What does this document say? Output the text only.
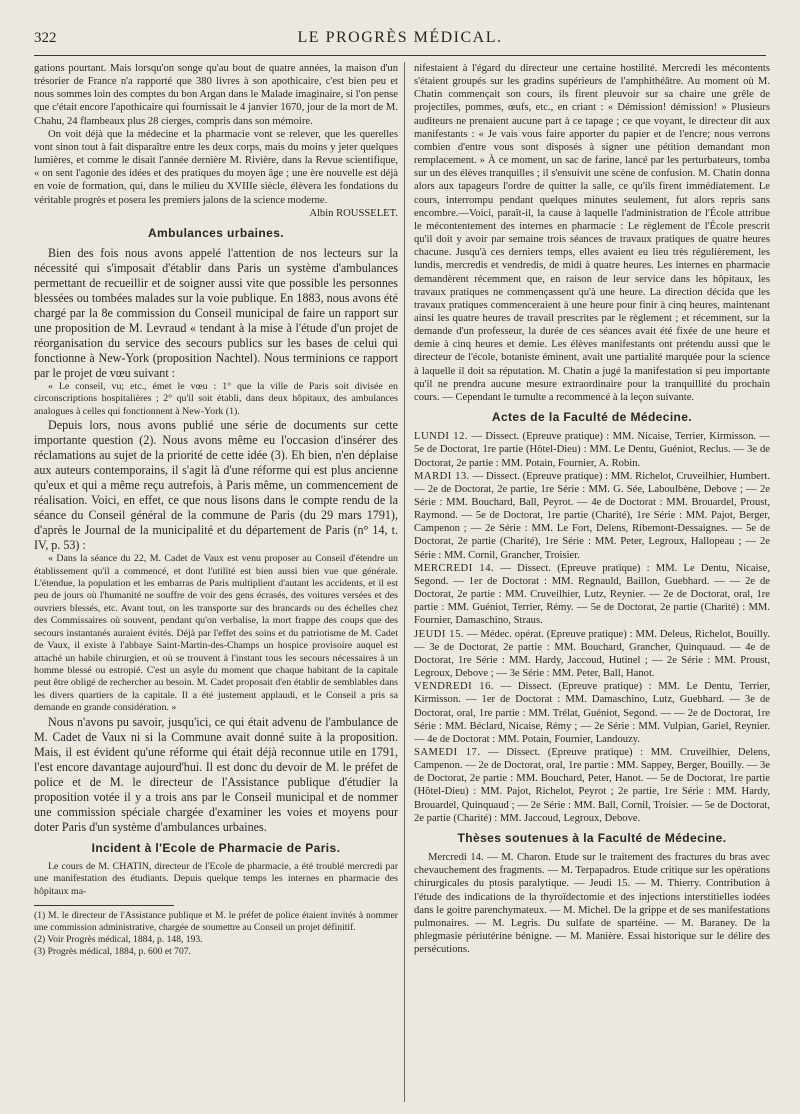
322	LE PROGRÈS MÉDICAL.

gations pourtant. Mais lorsqu'on songe qu'au bout de quatre années, la maison d'un trésorier de France n'a rapporté que 380 livres à son apothicaire, c'est bien peu et nous sommes loin des comptes du bon Argan dans le Malade imaginaire, si l'on pense que c'était encore l'apothicaire qui fournissait le 4 janvier 1670, jour de la mort de M. Chahu, 24 flambeaux plus 28 cierges, compris dans son mémoire.

On voit déjà que la médecine et la pharmacie vont se relever, que les querelles vont sinon tout à fait disparaître entre les deux corps, mais du moins y jeter quelques lumières, et comme le disait l'année dernière M. Rivière, dans la Revue scientifique, « on sent l'agonie des idées et des pratiques du moyen âge ; une ère nouvelle est déjà en voie de formation, qui, dans le milieu du XVIIIe siècle, élèvera les fondations du véritable progrès et posera les premiers jalons de la science moderne.

Albin ROUSSELET.
Ambulances urbaines.

Bien des fois nous avons appelé l'attention de nos lecteurs sur la nécessité qui s'imposait d'établir dans Paris un système d'ambulances permettant de recueillir et de soigner aussi vite que possible les personnes blessées ou tombées malades sur la voie publique. En 1883, nous avons été chargé par la 8e commission du Conseil municipal de faire un rapport sur une proposition de M. Levraud « tendant à la mise à l'étude d'un projet de réorganisation du service des secours publics sur les bases de celui qui fonctionne à New-York (proposition Nachtel). Nous terminions ce rapport par le projet de vœu suivant :

« Le conseil, vu; etc., émet le vœu : 1° que la ville de Paris soit divisée en circonscriptions hospitalières ; 2° qu'il soit établi, dans deux hôpitaux, des ambulances analogues à celles qui fonctionnent à New-York (1).

Depuis lors, nous avons publié une série de documents sur cette importante question (2). Nous avons même eu l'occasion d'insérer des réclamations au sujet de la priorité de cette idée (3). Eh bien, n'en déplaise aux auteurs contemporains, il s'agit là d'une réforme qui est plus ancienne qu'eux et qui a même reçu autrefois, à Paris même, un commencement de réalisation. Voici, en effet, ce que nous lisons dans le compte rendu de la séance du Conseil général de la commune de Paris (du 29 mars 1791), d'après le Journal de la municipalité et du département de Paris (n° 14, t. IV, p. 53) :

« Dans la séance du 22, M. Cadet de Vaux est venu proposer au Conseil d'étendre un établissement qu'il a commencé, et dont l'utilité est bien aussi bien vue que générale. L'étendue, la population et les embarras de Paris multiplient d'autant les accidents, et il est peu de jours où l'humanité ne souffre de voir des gens écrasés, des voitures versées et des ouvriers blessés, etc. Avant tout, on les transporte sur des brancards ou des échelles chez des Commissaires où souvent, pendant qu'on verbalise, la mort frappe des coups que des secours instantanés auraient évités. Déjà par l'effet des soins et du patriotisme de M. Cadet de Vaux, il existe à l'abbaye Saint-Martin-des-Champs un hospice provisoire auquel est attaché un habile chirurgien, et où se trouvent à l'instant tous les secours nécessaires à un homme blessé ou estropié. C'est un asyle du moment que chaque habitant de la capitale peut être obligé de rechercher au besoin. M. Cadet proposait d'en établir de semblables dans les divers quartiers de la capitale. Il a été justement applaudi, et le Conseil a pris sa demande en grande considération. »

Nous n'avons pu savoir, jusqu'ici, ce qui était advenu de l'ambulance de M. Cadet de Vaux ni si la Commune avait donné suite à la proposition. Mais, il est évident qu'une réforme qui était déjà reconnue utile en 1791, l'est encore davantage aujourd'hui. Il est donc du devoir de M. le préfet de police et de M. le directeur de l'Assistance publique d'étudier la proposition votée il y a trois ans par le Conseil municipal et de nommer une commission spéciale chargée d'examiner les voies et moyens pour doter Paris d'un système d'ambulances urbaines.

Incident à l'Ecole de Pharmacie de Paris.

Le cours de M. CHATIN, directeur de l'Ecole de pharmacie, a été troublé mercredi par une manifestation des étudiants. Depuis quelque temps les internes en pharmacie des hôpitaux ma-

(1) M. le directeur de l'Assistance publique et M. le préfet de police étaient invités à nommer une commission administrative, chargée de soumettre au Conseil un projet définitif.

(2) Voir Progrès médical, 1884, p. 148, 193.

(3) Progrès médical, 1884, p. 600 et 707.

nifestaient à l'égard du directeur une certaine hostilité. Mercredi les mécontents s'étaient groupés sur les gradins supérieurs de l'amphithéâtre. Au moment où M. Chatin commençait son cours, ils firent pleuvoir sur sa chaire une grêle de projectiles, pommes, œufs, etc., en criant : « Démission! démission! » Plusieurs auditeurs ne prenaient aucune part à ce tapage ; ce que voyant, le directeur dit aux manifestants : « Je vais vous faire apporter du papier et de l'encre; nous verrons combien d'entre vous sont disposés à signer une pétition demandant mon remplacement. » À ce moment, un sac de farine, lancé par les perturbateurs, tomba sur un des élèves tranquilles ; il s'ensuivit une scène de confusion. M. Chatin donna alors aux tapageurs l'ordre de quitter la salle, ce qu'ils firent immédiatement. Le cours, interrompu pendant quelques minutes seulement, fut alors repris sans encombre.—Voici, paraît-il, la cause à laquelle l'administration de l'École attribue le mécontentement des internes en pharmacie : Le règlement de l'École prescrit qu'il doit y avoir par semaine trois séances de travaux pratiques de quatre heures chacune. Jusqu'à ces derniers temps, elles avaient eu lieu très régulièrement, les lundis, mercredis et vendredis, de midi à quatre heures. Les internes en pharmacie demandèrent récemment que, en raison de leur service dans les hôpitaux, les travaux pratiques ne commençassent qu'à une heure. La direction décida que les travaux pratiques commenceraient à une heure pour finir à cinq heures, maintenant ainsi les quatre heures de travail prescrites par le règlement ; et récemment, sur la demande d'un professeur, la durée de ces séances avait été fixée de une heure et demie à cinq heures et demie. Les élèves manifestants ont prétendu aussi que le directeur de l'école, botaniste éminent, avait une partialité marquée pour la science à laquelle il doit sa réputation. M. Chatin a jugé la manifestation si peu importante qu'il ne prendra aucune mesure extraordinaire pour la tranquillité du prochain cours. — Cependant le tumulte a recommencé à la leçon suivante.

Actes de la Faculté de Médecine.

LUNDI 12. — Dissect. (Epreuve pratique) : MM. Nicaise, Terrier, Kirmisson. — 5e de Doctorat, 1re partie (Hôtel-Dieu) : MM. Le Dentu, Guéniot, Reclus. — 3e de Doctorat, 2e partie : MM. Potain, Fournier, A. Robin.

MARDI 13. — Dissect. (Epreuve pratique) : MM. Richelot, Cruveilhier, Humbert. — 2e de Doctorat, 2e partie, 1re Série : MM. G. Sée, Laboulbène, Debove ; — 2e Série : MM. Bouchard, Ball, Peyrot. — 4e de Doctorat : MM. Brouardel, Proust, Raymond. — 5e de Doctorat, 1re partie (Charité), 1re Série : MM. Pajot, Berger, Campenon ; — 2e Série : MM. Le Fort, Delens, Ribemont-Dessaignes. — 5e de Doctorat, 2e partie (Charité), 1re Série : MM. Peter, Legroux, Hallopeau ; — 2e Série : MM. Cornil, Grancher, Troisier.

MERCREDI 14. — Dissect. (Epreuve pratique) : MM. Le Dentu, Nicaise, Segond. — 1er de Doctorat : MM. Regnauld, Baillon, Guebhard. — — 2e de Doctorat, 2e partie : MM. Cruveilhier, Lutz, Reynier. — 2e de Doctorat, oral, 1re partie : MM. Guéniot, Terrier, Rémy. — 5e de Doctorat, 2e partie (Charité) : MM. Fournier, Damaschino, Straus.

JEUDI 15. — Médec. opérat. (Epreuve pratique) : MM. Deleus, Richelot, Bouilly. — 3e de Doctorat, 2e partie : MM. Bouchard, Grancher, Quinquaud. — 4e de Doctorat, 1re Série : MM. Hardy, Jaccoud, Hutinel ; — 2e Série : MM. Proust, Legroux, Debove ; — 3e Série : MM. Peter, Ball, Hanot.

VENDREDI 16. — Dissect. (Epreuve pratique) : MM. Le Dentu, Terrier, Kirmisson. — 1er de Doctorat : MM. Damaschino, Lutz, Guebhard. — 3e de Doctorat, oral, 1re partie : MM. Trélat, Guéniot, Segond. — — 2e de Doctorat, 1re Série : MM. Béclard, Nicaise, Rémy ; — 2e Série : MM. Vulpian, Gariel, Reynier. — 4e de Doctorat : MM. Potain, Fournier, Landouzy.

SAMEDI 17. — Dissect. (Epreuve pratique) : MM. Cruveilhier, Delens, Campenon. — 2e de Doctorat, oral, 1re partie : MM. Sappey, Berger, Bouilly. — 3e de Doctorat, 2e partie : MM. Bouchard, Peter, Hanot. — 5e de Doctorat, 1re partie (Hôtel-Dieu) : MM. Pajot, Richelot, Peyrot ; 2e partie, 1re Série : MM. Hardy, Brouardel, Quinquaud ; — 2e Série : MM. Ball, Cornil, Troisier. — 5e de Doctorat, 2e partie (Charité) : MM. Jaccoud, Legroux, Debove.

Thèses soutenues à la Faculté de Médecine.

Mercredi 14. — M. Charon. Etude sur le traitement des fractures du bras avec chevauchement des fragments. — M. Terpapadros. Etude critique sur les opérations chirurgicales du ptosis paralytique. — Jeudi 15. — M. Thierry. Contribution à l'étude des indications de la thyroïdectomie et des injections interstitielles iodées dans le goitre parenchymateux. — M. Michel. De la grippe et de ses manifestations pulmonaires. — M. Legris. Du sulfate de spartéine. — M. Baraney. De la phlegmasie périutérine bénigne. — M. Manière. Essai historique sur le délire des persécutions.
